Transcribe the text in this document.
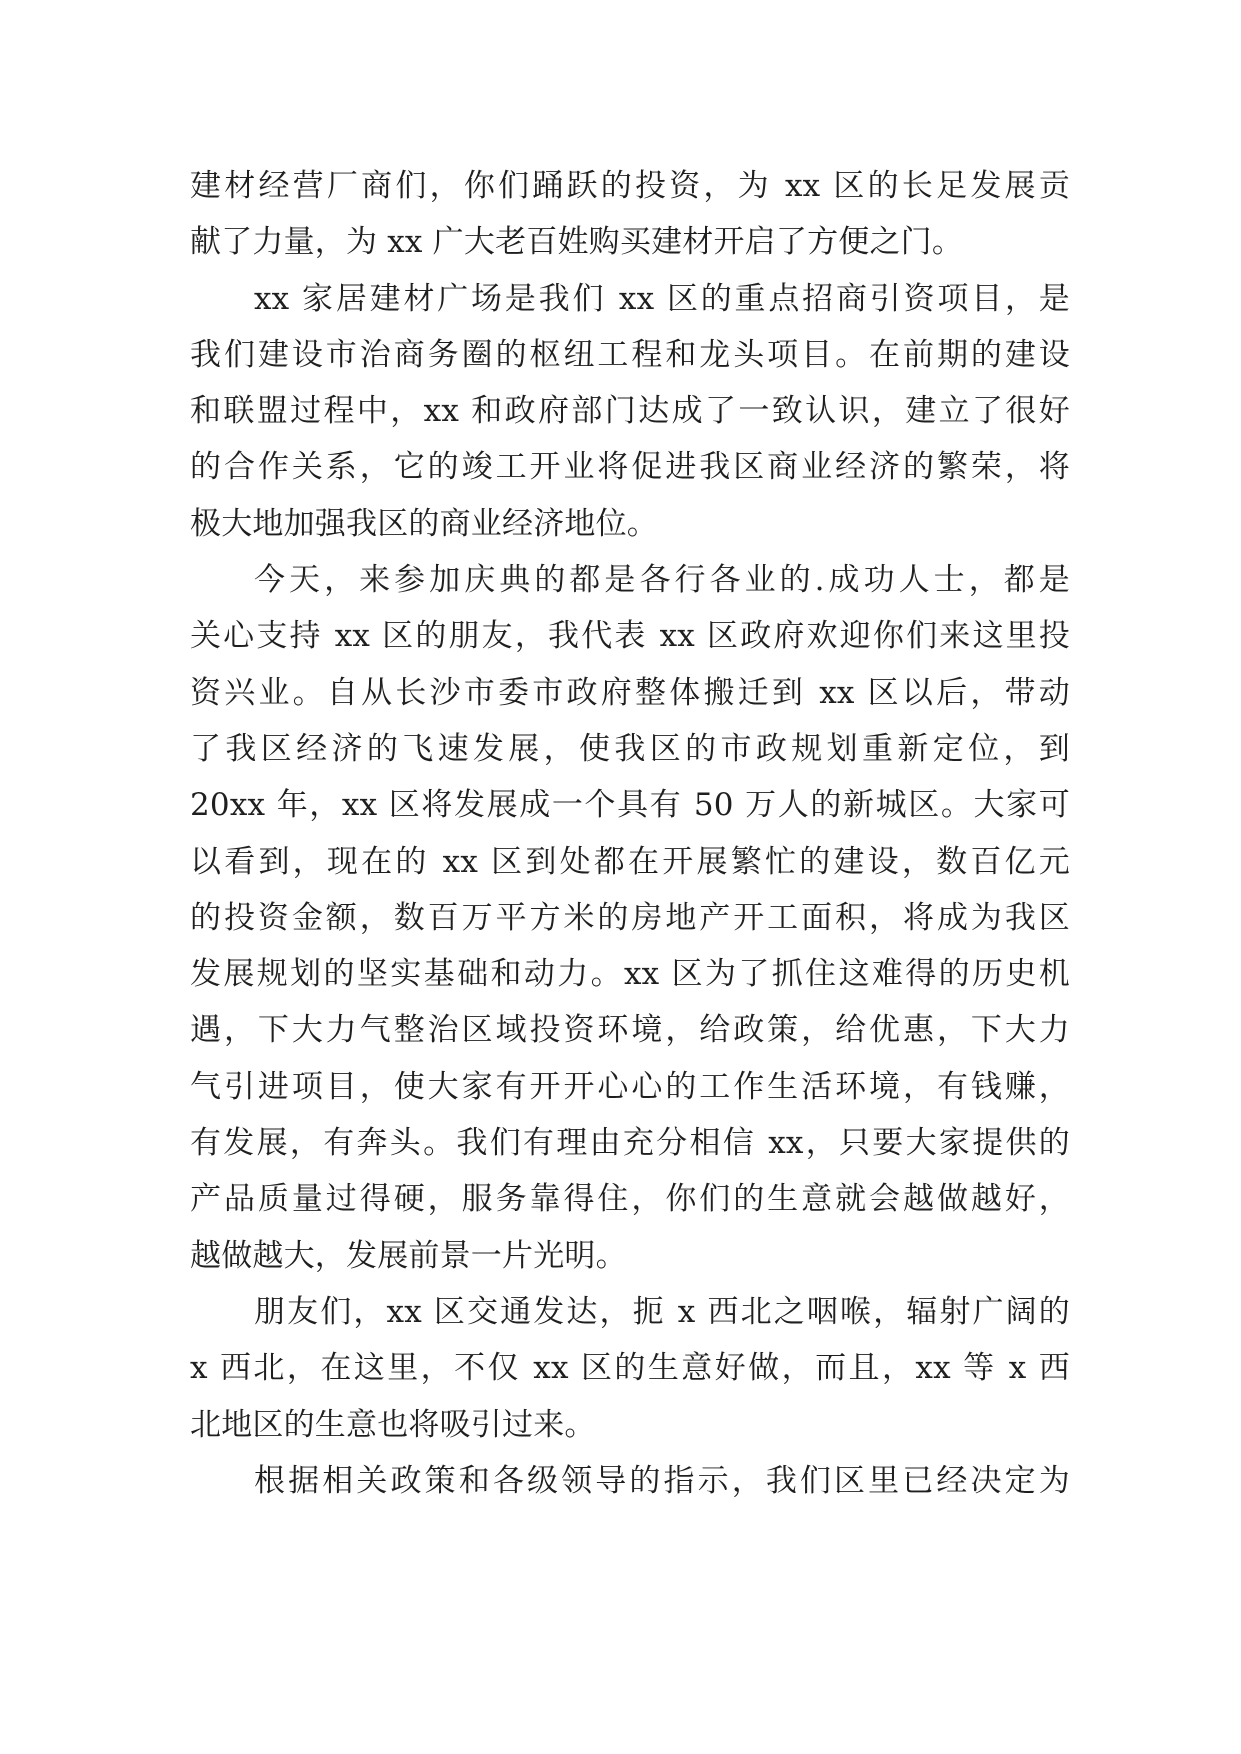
建材经营厂商们，你们踊跃的投资，为 xx 区的长足发展贡
献了力量，为 xx 广大老百姓购买建材开启了方便之门。
xx 家居建材广场是我们 xx 区的重点招商引资项目，是
我们建设市治商务圈的枢纽工程和龙头项目。在前期的建设
和联盟过程中，xx 和政府部门达成了一致认识，建立了很好
的合作关系，它的竣工开业将促进我区商业经济的繁荣，将
极大地加强我区的商业经济地位。
今天，来参加庆典的都是各行各业的.成功人士，都是
关心支持 xx 区的朋友，我代表 xx 区政府欢迎你们来这里投
资兴业。自从长沙市委市政府整体搬迁到 xx 区以后，带动
了我区经济的飞速发展，使我区的市政规划重新定位，到
20xx 年，xx 区将发展成一个具有 50 万人的新城区。大家可
以看到，现在的 xx 区到处都在开展繁忙的建设，数百亿元
的投资金额，数百万平方米的房地产开工面积，将成为我区
发展规划的坚实基础和动力。xx 区为了抓住这难得的历史机
遇，下大力气整治区域投资环境，给政策，给优惠，下大力
气引进项目，使大家有开开心心的工作生活环境，有钱赚，
有发展，有奔头。我们有理由充分相信 xx，只要大家提供的
产品质量过得硬，服务靠得住，你们的生意就会越做越好，
越做越大，发展前景一片光明。
朋友们，xx 区交通发达，扼 x 西北之咽喉，辐射广阔的
x 西北，在这里，不仅 xx 区的生意好做，而且，xx 等 x 西
北地区的生意也将吸引过来。
根据相关政策和各级领导的指示，我们区里已经决定为
